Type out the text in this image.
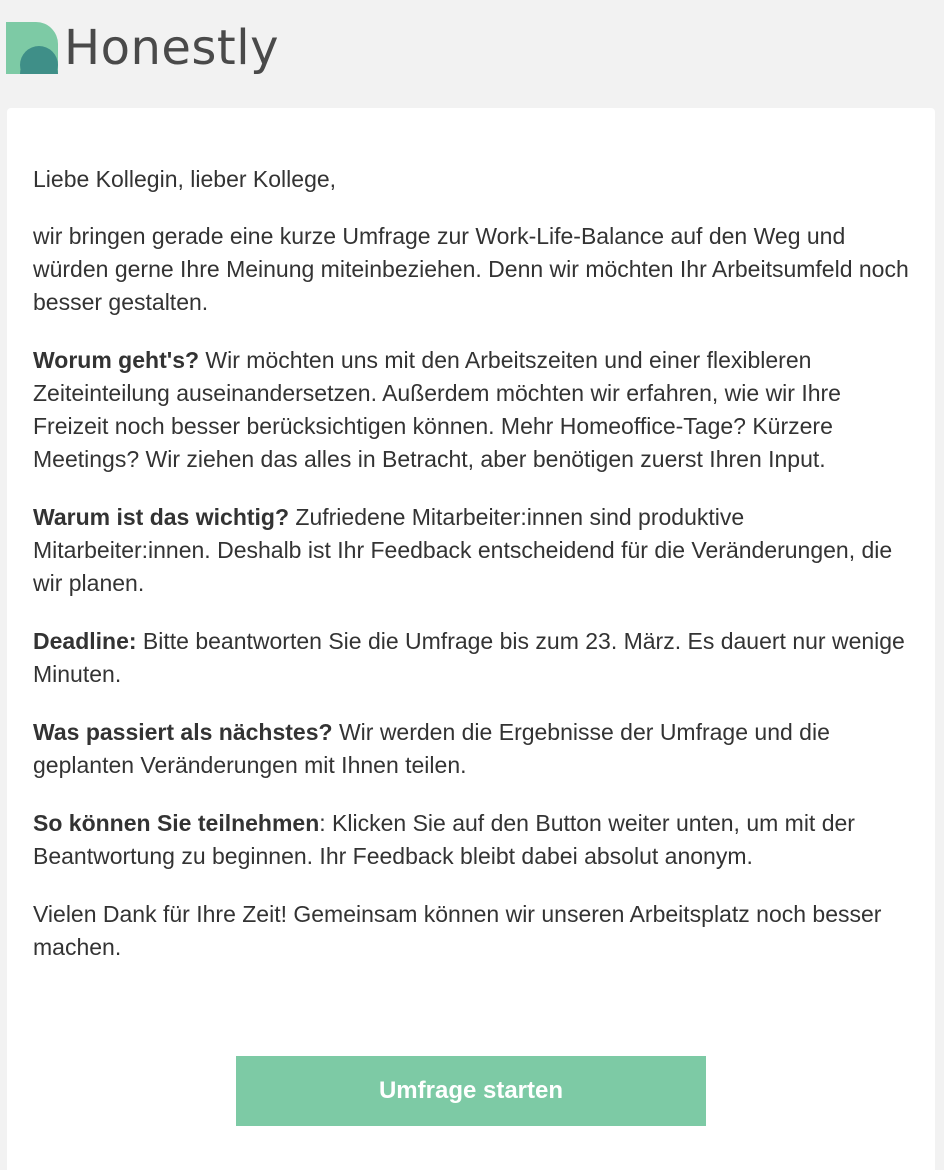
Honestly

Liebe Kollegin, lieber Kollege,

wir bringen gerade eine kurze Umfrage zur Work-Life-Balance auf den Weg und würden gerne Ihre Meinung miteinbeziehen. Denn wir möchten Ihr Arbeitsumfeld noch besser gestalten.

Worum geht's? Wir möchten uns mit den Arbeitszeiten und einer flexibleren Zeiteinteilung auseinandersetzen. Außerdem möchten wir erfahren, wie wir Ihre Freizeit noch besser berücksichtigen können. Mehr Homeoffice-Tage? Kürzere Meetings? Wir ziehen das alles in Betracht, aber benötigen zuerst Ihren Input.

Warum ist das wichtig? Zufriedene Mitarbeiter:innen sind produktive Mitarbeiter:innen. Deshalb ist Ihr Feedback entscheidend für die Veränderungen, die wir planen.

Deadline: Bitte beantworten Sie die Umfrage bis zum 23. März. Es dauert nur wenige Minuten.

Was passiert als nächstes? Wir werden die Ergebnisse der Umfrage und die geplanten Veränderungen mit Ihnen teilen.

So können Sie teilnehmen: Klicken Sie auf den Button weiter unten, um mit der Beantwortung zu beginnen. Ihr Feedback bleibt dabei absolut anonym.

Vielen Dank für Ihre Zeit! Gemeinsam können wir unseren Arbeitsplatz noch besser machen.

Umfrage starten
